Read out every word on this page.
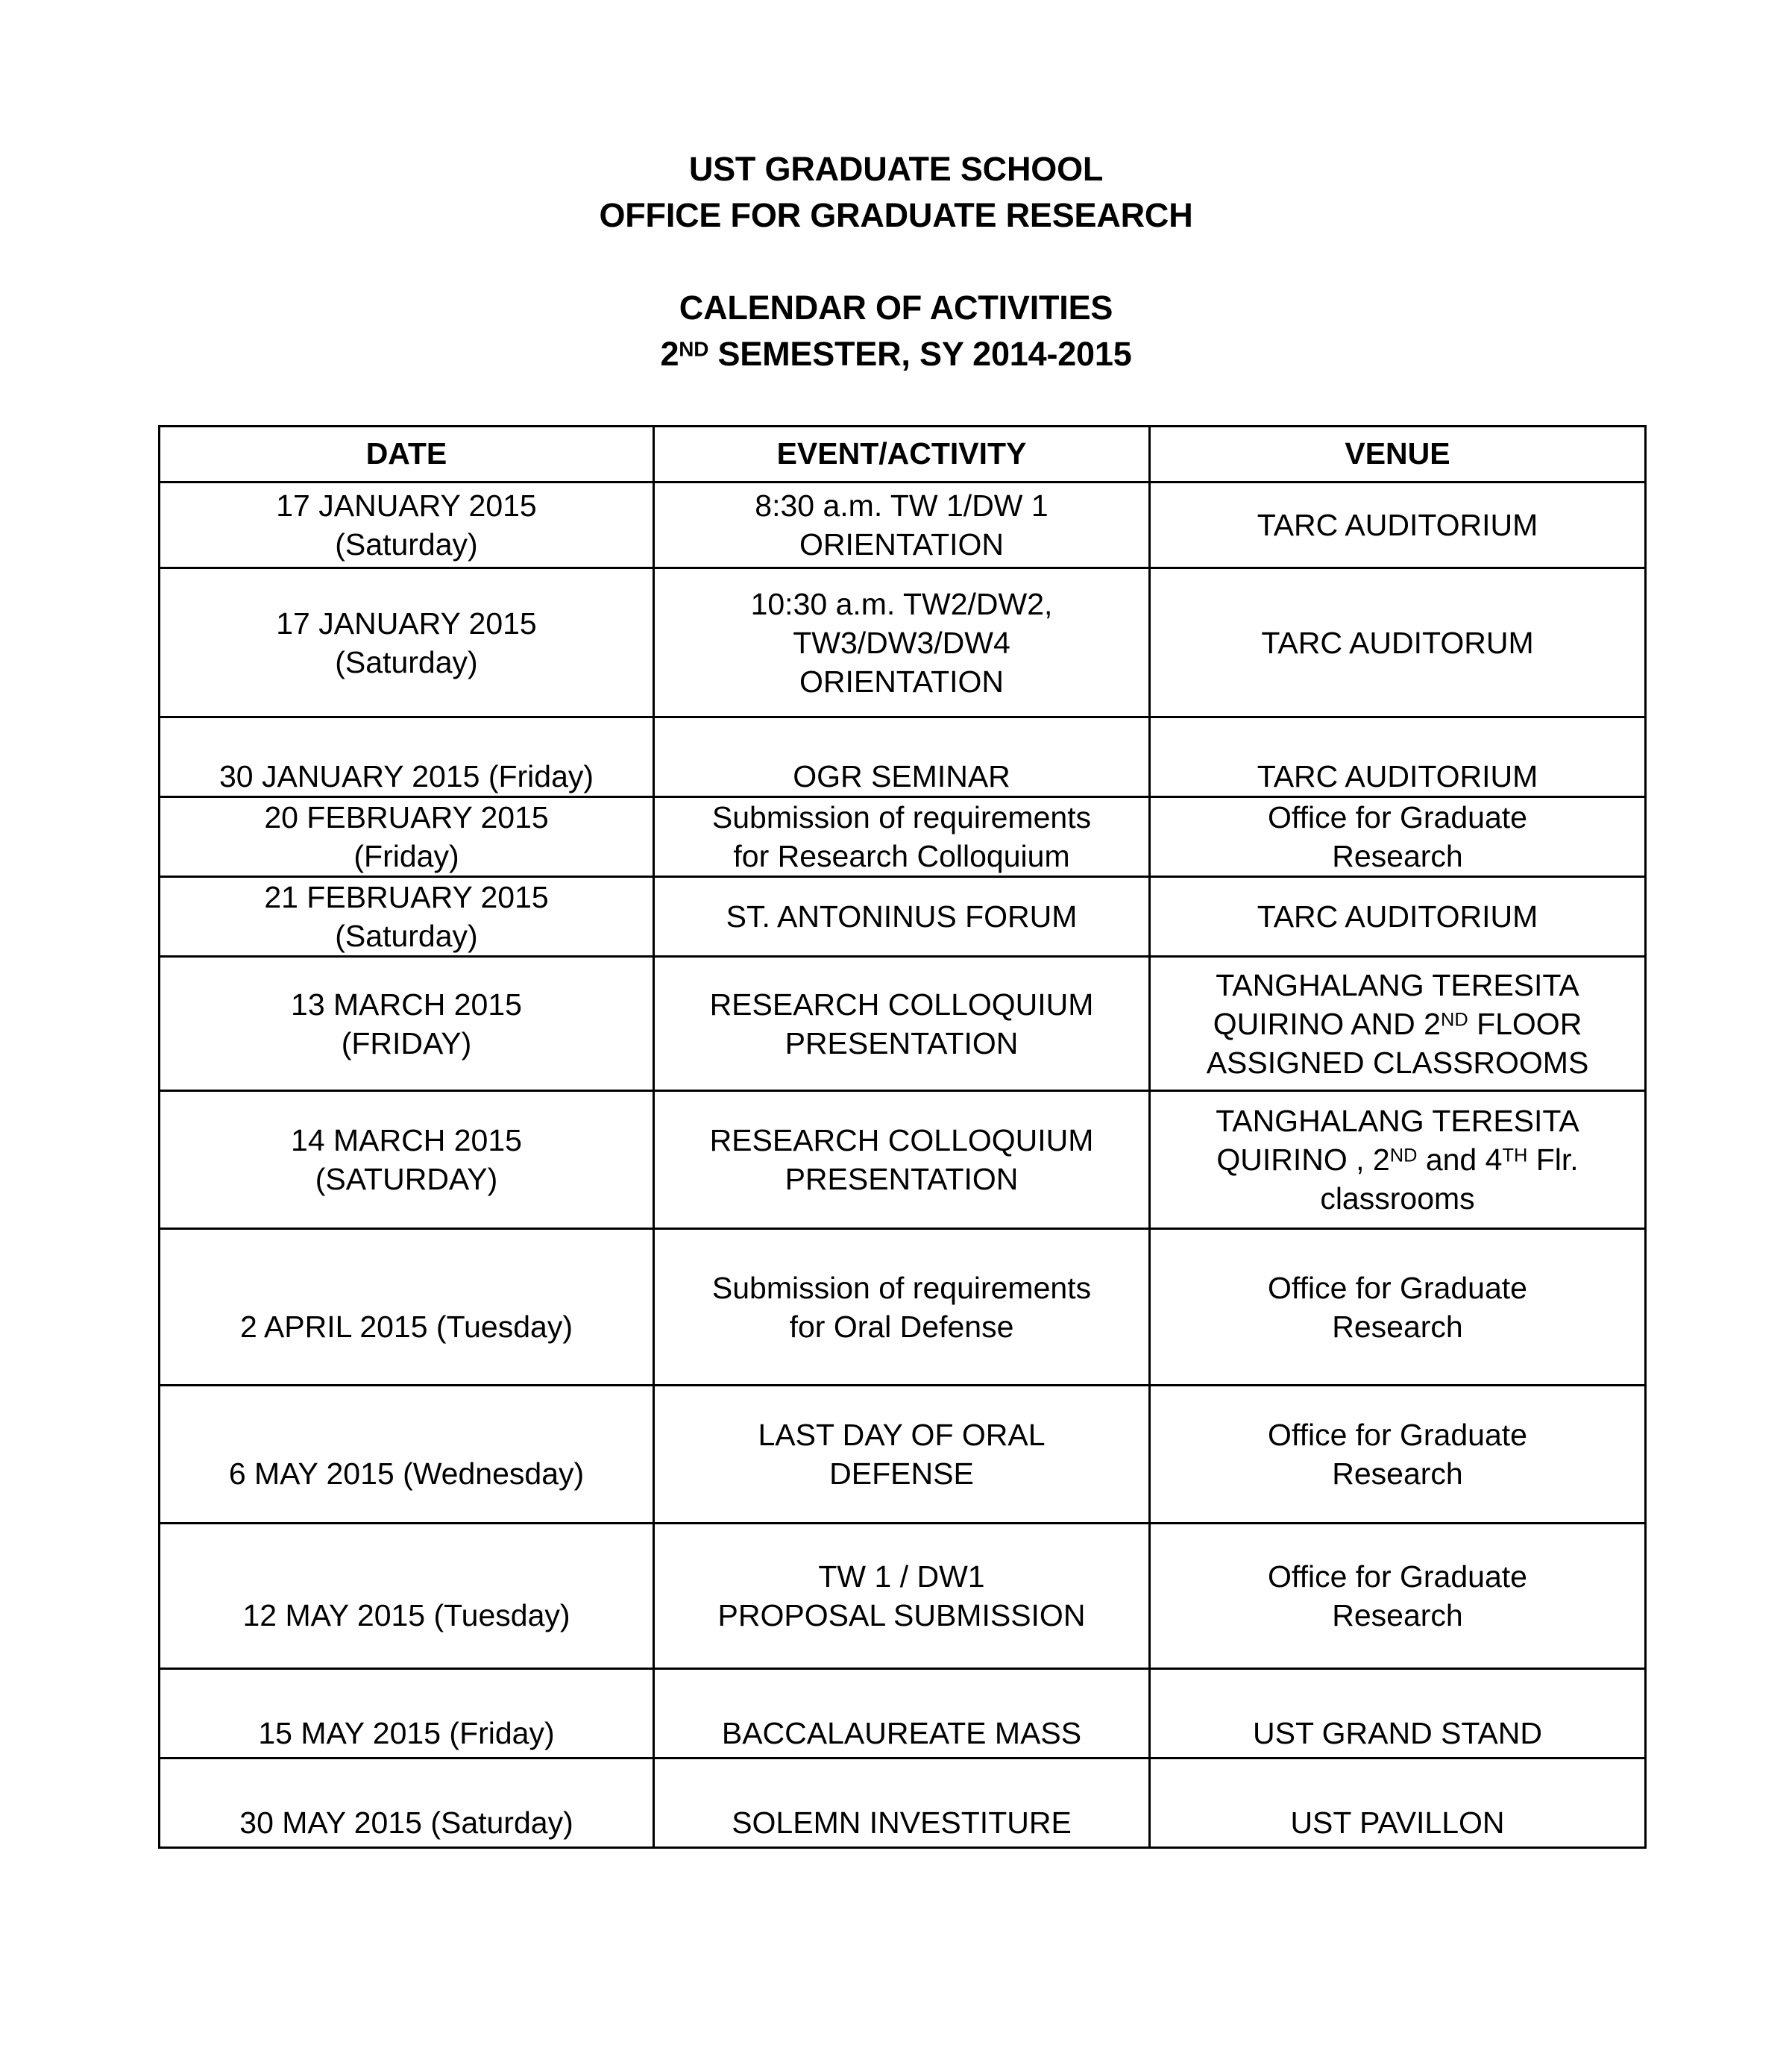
UST GRADUATE SCHOOL
OFFICE FOR GRADUATE RESEARCH
CALENDAR OF ACTIVITIES
2ND SEMESTER, SY 2014-2015
DATE	EVENT/ACTIVITY	VENUE

17 JANUARY 2015
(Saturday)	8:30 a.m. TW 1/DW 1
ORIENTATION	TARC AUDITORIUM

17 JANUARY 2015
(Saturday)	10:30 a.m. TW2/DW2,
TW3/DW3/DW4
ORIENTATION	TARC AUDITORUM

30 JANUARY 2015 (Friday)	OGR SEMINAR	TARC AUDITORIUM

20 FEBRUARY 2015
(Friday)	Submission of requirements
for Research Colloquium	Office for Graduate
Research

21 FEBRUARY 2015
(Saturday)	ST. ANTONINUS FORUM	TARC AUDITORIUM

13 MARCH 2015
(FRIDAY)	RESEARCH COLLOQUIUM
PRESENTATION	TANGHALANG TERESITA
QUIRINO AND 2ND FLOOR
ASSIGNED CLASSROOMS

14 MARCH 2015
(SATURDAY)	RESEARCH COLLOQUIUM
PRESENTATION	TANGHALANG TERESITA
QUIRINO , 2ND and 4TH Flr.
classrooms

2 APRIL 2015 (Tuesday)	Submission of requirements
for Oral Defense	Office for Graduate
Research

6 MAY 2015 (Wednesday)	LAST DAY OF ORAL
DEFENSE	Office for Graduate
Research

12 MAY 2015 (Tuesday)	TW 1 / DW1
PROPOSAL SUBMISSION	Office for Graduate
Research

15 MAY 2015 (Friday)	BACCALAUREATE MASS	UST GRAND STAND

30 MAY 2015 (Saturday)	SOLEMN INVESTITURE	UST PAVILLON
